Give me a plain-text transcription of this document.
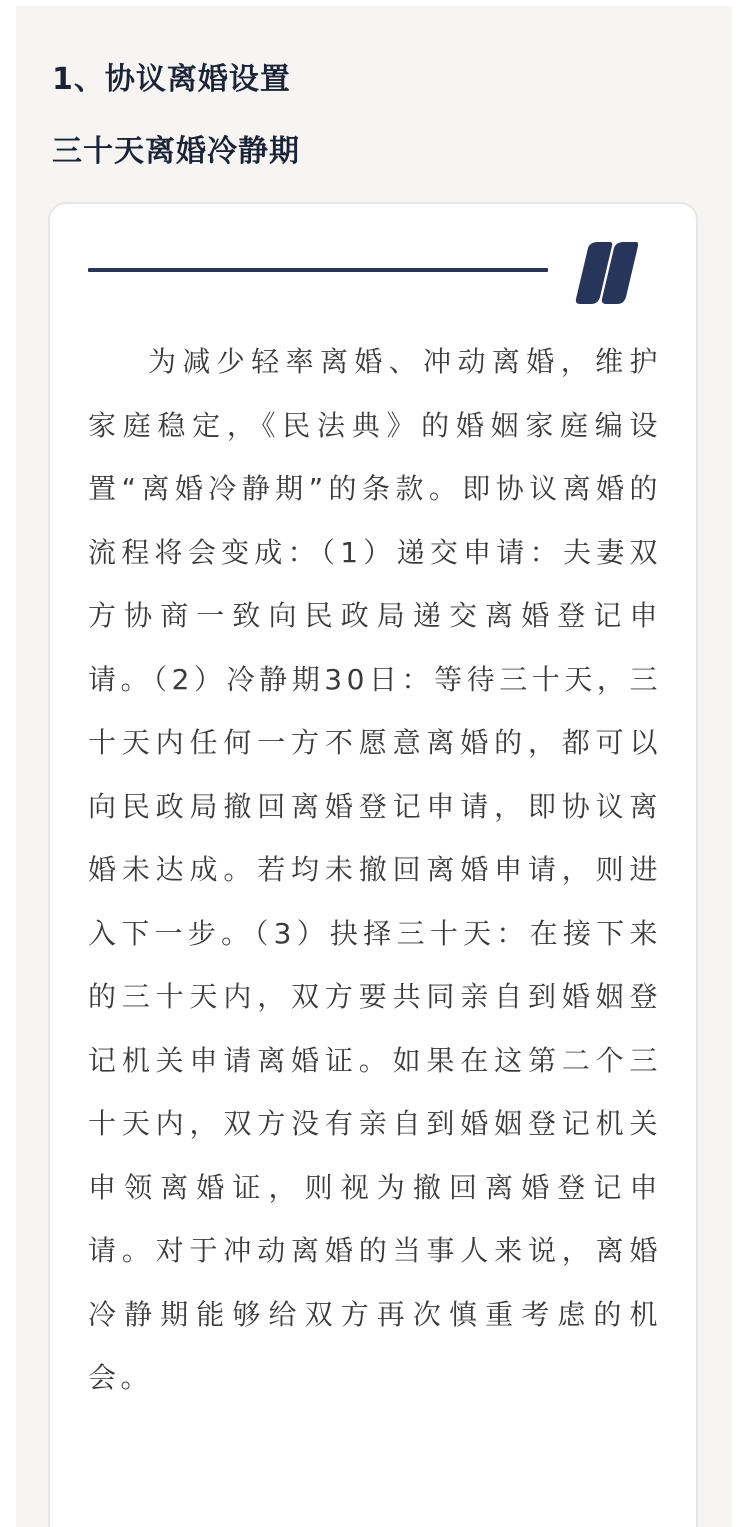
1、协议离婚设置
三十天离婚冷静期

为减少轻率离婚、冲动离婚，维护家庭稳定，《民法典》的婚姻家庭编设置“离婚冷静期”的条款。即协议离婚的流程将会变成：（1）递交申请：夫妻双方协商一致向民政局递交离婚登记申请。（2）冷静期30日：等待三十天，三十天内任何一方不愿意离婚的，都可以向民政局撤回离婚登记申请，即协议离婚未达成。若均未撤回离婚申请，则进入下一步。（3）抉择三十天：在接下来的三十天内，双方要共同亲自到婚姻登记机关申请离婚证。如果在这第二个三十天内，双方没有亲自到婚姻登记机关申领离婚证，则视为撤回离婚登记申请。对于冲动离婚的当事人来说，离婚冷静期能够给双方再次慎重考虑的机会。
